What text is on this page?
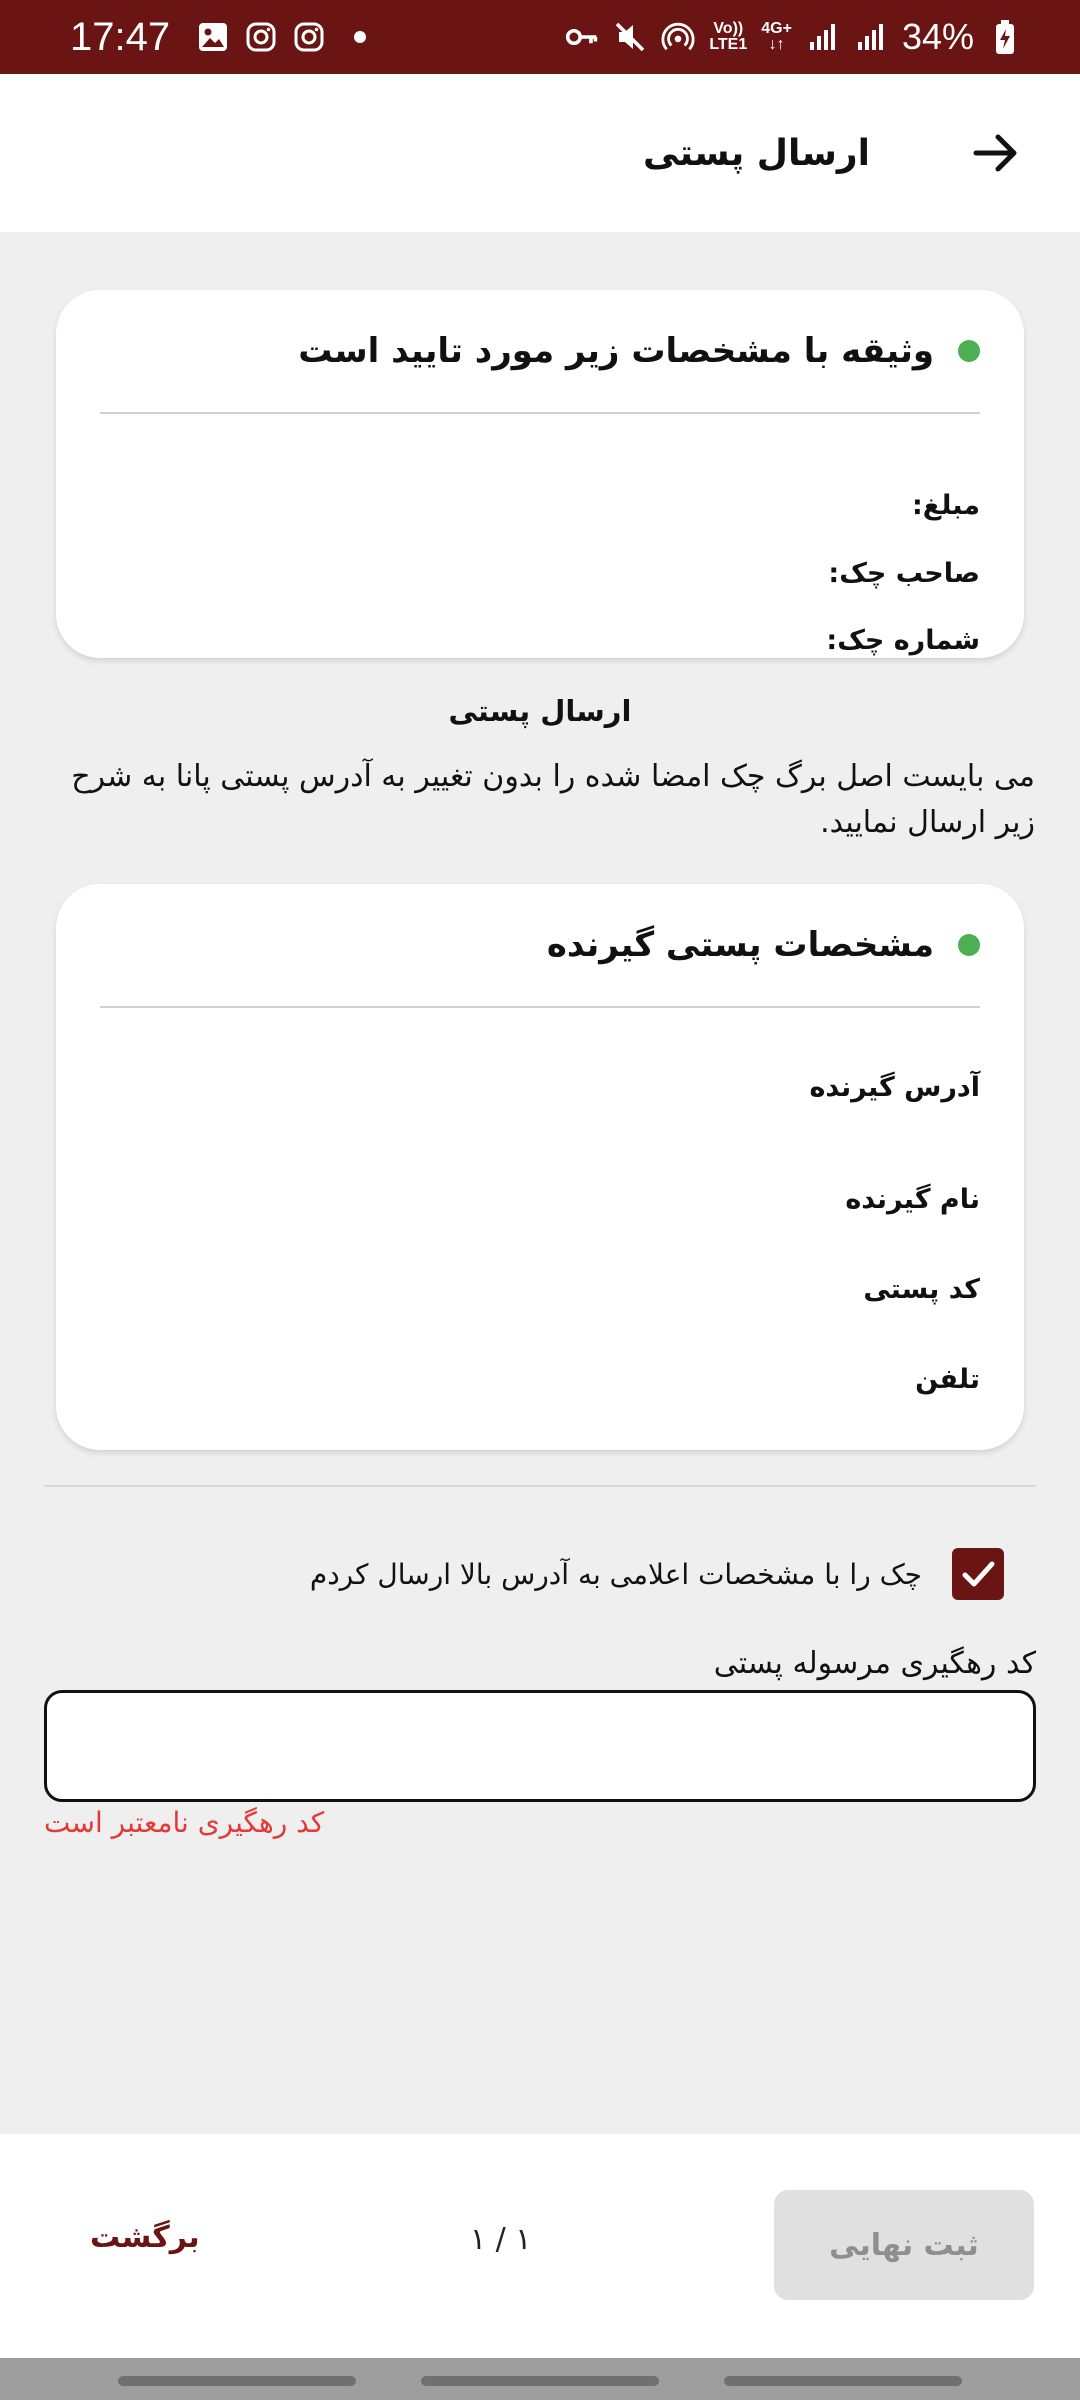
17:47	Vo))
LTE1
4G+
↓↑	34%
ارسال پستی
وثیقه با مشخصات زیر مورد تایید است
مبلغ:
صاحب چک:
شماره چک:
ارسال پستی
می بایست اصل برگ چک امضا شده را بدون تغییر به آدرس پستی پانا به شرح زیر ارسال نمایید.
مشخصات پستی گیرنده
آدرس گیرنده
نام گیرنده
کد پستی
تلفن
چک را با مشخصات اعلامی به آدرس بالا ارسال کردم
کد رهگیری مرسوله پستی
کد رهگیری نامعتبر است
برگشت	۱ / ۱	ثبت نهایی
